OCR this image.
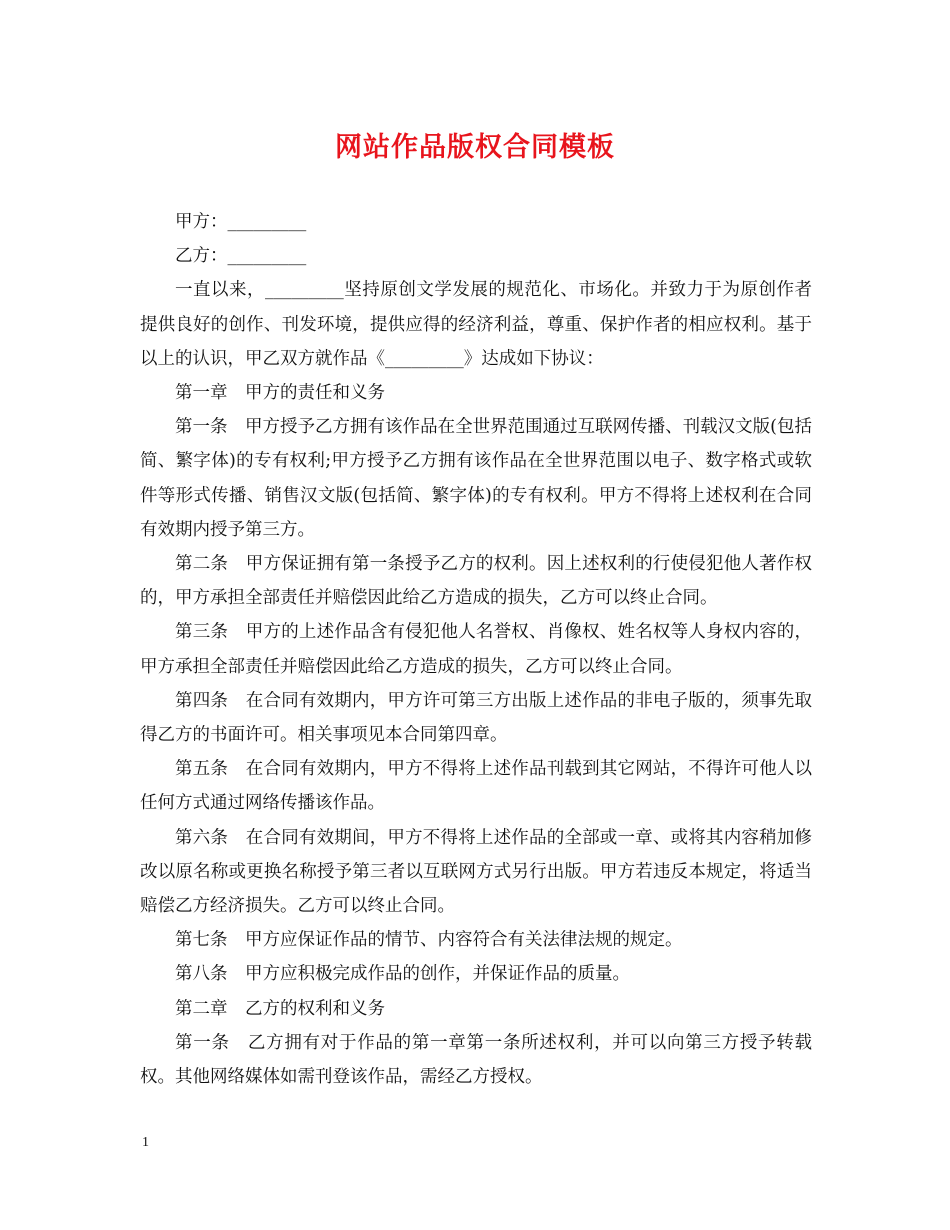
网站作品版权合同模板

甲方：_________

乙方：_________

一直以来，_________坚持原创文学发展的规范化、市场化。并致力于为原创作者提供良好的创作、刊发环境，提供应得的经济利益，尊重、保护作者的相应权利。基于以上的认识，甲乙双方就作品《_________》达成如下协议：

第一章　甲方的责任和义务

第一条　甲方授予乙方拥有该作品在全世界范围通过互联网传播、刊载汉文版(包括简、繁字体)的专有权利;甲方授予乙方拥有该作品在全世界范围以电子、数字格式或软件等形式传播、销售汉文版(包括简、繁字体)的专有权利。甲方不得将上述权利在合同有效期内授予第三方。

第二条　甲方保证拥有第一条授予乙方的权利。因上述权利的行使侵犯他人著作权的，甲方承担全部责任并赔偿因此给乙方造成的损失，乙方可以终止合同。

第三条　甲方的上述作品含有侵犯他人名誉权、肖像权、姓名权等人身权内容的，甲方承担全部责任并赔偿因此给乙方造成的损失，乙方可以终止合同。

第四条　在合同有效期内，甲方许可第三方出版上述作品的非电子版的，须事先取得乙方的书面许可。相关事项见本合同第四章。

第五条　在合同有效期内，甲方不得将上述作品刊载到其它网站，不得许可他人以任何方式通过网络传播该作品。

第六条　在合同有效期间，甲方不得将上述作品的全部或一章、或将其内容稍加修改以原名称或更换名称授予第三者以互联网方式另行出版。甲方若违反本规定，将适当赔偿乙方经济损失。乙方可以终止合同。

第七条　甲方应保证作品的情节、内容符合有关法律法规的规定。

第八条　甲方应积极完成作品的创作，并保证作品的质量。

第二章　乙方的权利和义务

第一条　乙方拥有对于作品的第一章第一条所述权利，并可以向第三方授予转载权。其他网络媒体如需刊登该作品，需经乙方授权。

1
